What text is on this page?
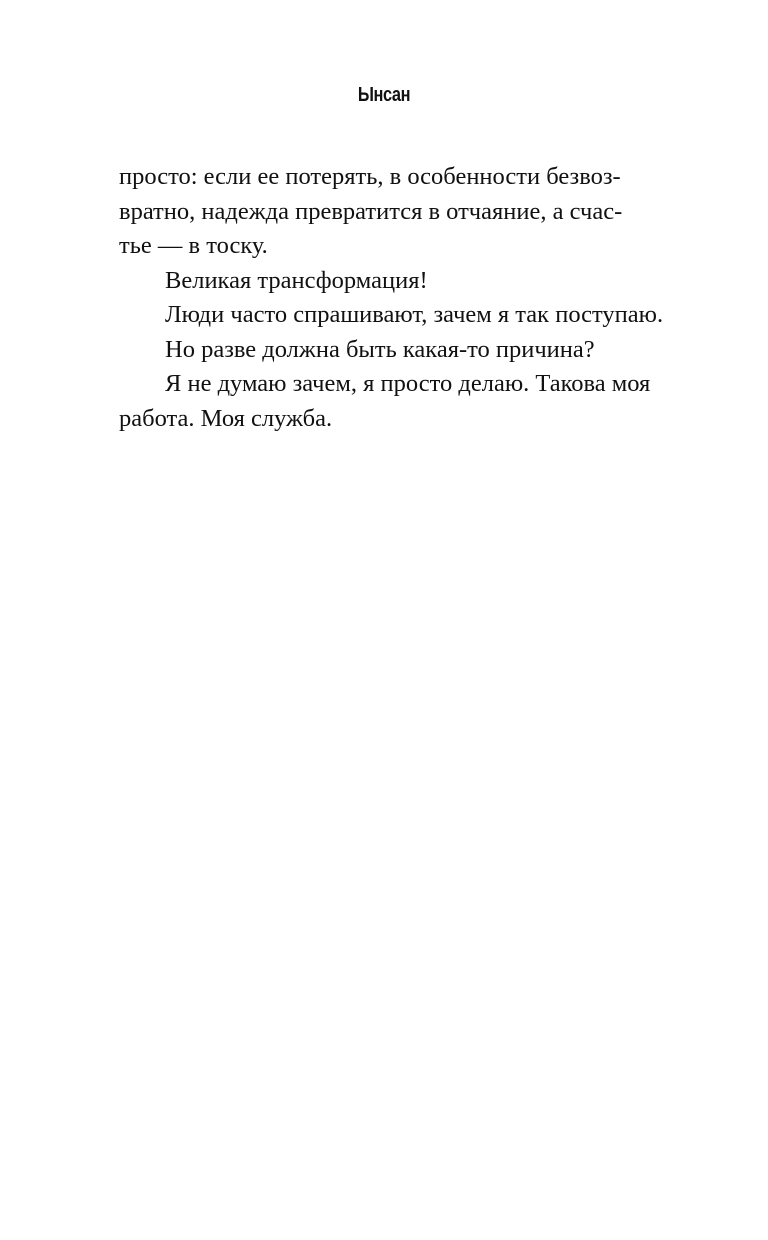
Ынсан

просто: если ее потерять, в особенности безвоз-
вратно, надежда превратится в отчаяние, а счас-
тье — в тоску.

Великая трансформация!

Люди часто спрашивают, зачем я так поступаю.

Но разве должна быть какая-то причина?

Я не думаю зачем, я просто делаю. Такова моя
работа. Моя служба.
